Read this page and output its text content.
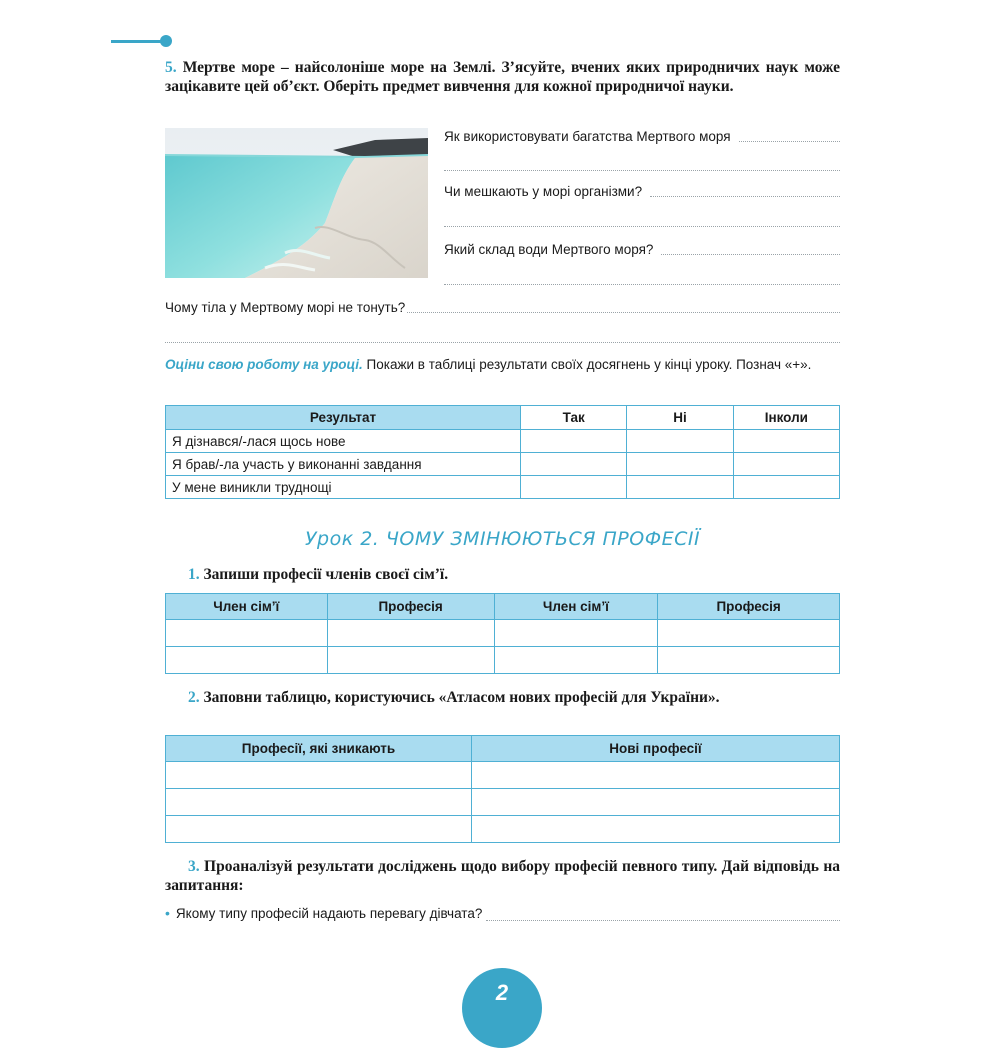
5. Мертве море – найсолоніше море на Землі. З’ясуйте, вчених яких природничих наук може зацікавите цей об’єкт. Оберіть предмет вивчення для кожної природничої науки.
Як використовувати багатства Мертвого моря
Чи мешкають у морі організми?
Який склад води Мертвого моря?
Чому тіла у Мертвому морі не тонуть?
Оціни свою роботу на уроці. Покажи в таблиці результати своїх досягнень у кінці уроку. Познач «+».
Результат	Так	Ні	Інколи
Я дізнався/-лася щось нове			
Я брав/-ла участь у виконанні завдання			
У мене виникли труднощі			
Урок 2. ЧОМУ ЗМІНЮЮТЬСЯ ПРОФЕСІЇ
1. Запиши професії членів своєї сім’ї.
Член сім’ї	Професія	Член сім’ї	Професія

2. Заповни таблицю, користуючись «Атласом нових професій для України».
Професії, які зникають	Нові професії

3. Проаналізуй результати досліджень щодо вибору професій певного типу. Дай відповідь на запитання:
• Якому типу професій надають перевагу дівчата?
2
